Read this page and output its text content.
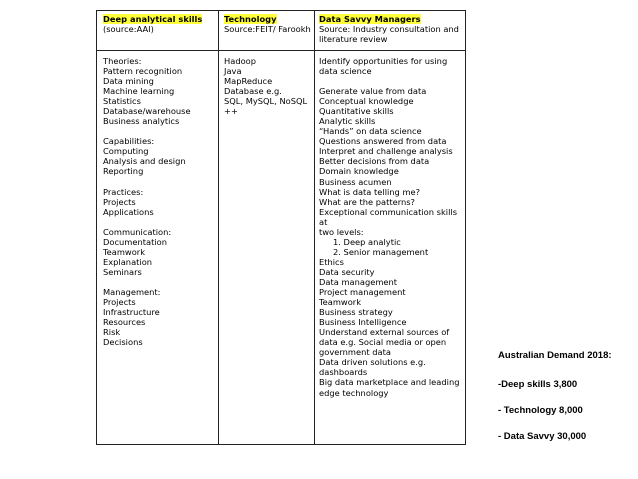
Deep analytical skills
(source:AAI)
Technology
Source:FEIT/ Farookh
Data Savvy Managers
Source: Industry consultation and
literature review
Theories:
Pattern recognition
Data mining
Machine learning
Statistics
Database/warehouse
Business analytics
Capabilities:
Computing
Analysis and design
Reporting
Practices:
Projects
Applications
Communication:
Documentation
Teamwork
Explanation
Seminars
Management:
Projects
Infrastructure
Resources
Risk
Decisions
Hadoop
Java
MapReduce
Database e.g.
SQL, MySQL, NoSQL
++
Identify opportunities for using
data science
Generate value from data
Conceptual knowledge
Quantitative skills
Analytic skills
“Hands” on data science
Questions answered from data
Interpret and challenge analysis
Better decisions from data
Domain knowledge
Business acumen
What is data telling me?
What are the patterns?
Exceptional communication skills at
two levels:
1. Deep analytic
2. Senior management
Ethics
Data security
Data management
Project management
Teamwork
Business strategy
Business Intelligence
Understand external sources of
data e.g. Social media or open
government data
Data driven solutions e.g.
dashboards
Big data marketplace and leading
edge technology
Australian Demand 2018:
-Deep skills 3,800
- Technology 8,000
- Data Savvy 30,000
